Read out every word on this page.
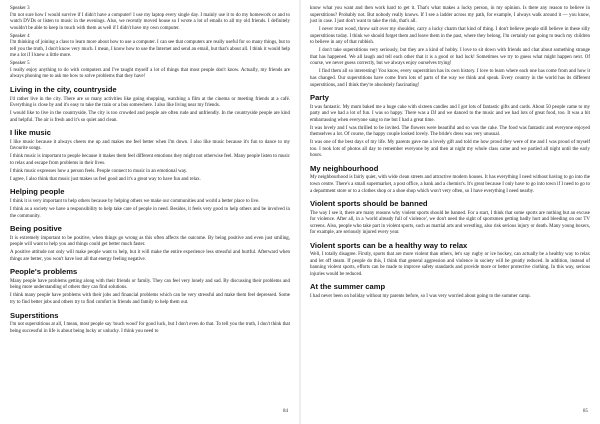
Speaker 3

I'm not sure how I would survive if I didn't have a computer! I use my laptop every single day. I mainly use it to do my homework or and to watch DVDs or listen to music in the evenings. Also, we recently moved house so I wrote a lot of emails to all my old friends. I definitely wouldn't be able to keep in touch with them as well if I didn't have my own computer.

Speaker 4

I'm thinking of joining a class to learn more about how to use a computer. I can see that computers are really useful for so many things, but to tell you the truth, I don't know very much. I mean, I know how to use the Internet and send an email, but that's about all. I think it would help me a lot if I knew a little more.

Speaker 5

I really enjoy anything to do with computers and I've taught myself a lot of things that most people don't know. Actually, my friends are always phoning me to ask me how to solve problems that they have!

Living in the city, countryside

I'd rather live in the city. There are so many activities like going shopping, watching a film at the cinema or meeting friends at a café. Everything is close by and it's easy to take the train or a bus somewhere. I also like living near my friends.

I would like to live in the countryside. The city is too crowded and people are often rude and unfriendly. In the countryside people are kind and helpful. The air is fresh and it's so quiet and clean.

I like music

I like music because it always cheers me up and makes me feel better when I'm down. I also like music because it's fun to dance to my favourite songs.

I think music is important to people because it makes them feel different emotions they might not otherwise feel. Many people listen to music to relax and escape from problems in their lives.

I think music expresses how a person feels. People connect to music in an emotional way.

I agree, I also think that music just makes us feel good and it's a great way to have fun and relax.

Helping people

I think it is very important to help others because by helping others we make our communities and world a better place to live.

I think as a society we have a responsibility to help take care of people in need. Besides, it feels very good to help others and be involved in the community.

Being positive

It is extremely important to be positive, when things go wrong as this often affects the outcome. By being positive and even just smiling, people will want to help you and things could get better much faster.

A positive attitude not only will make people want to help, but it will make the entire experience less stressful and hurtful. Afterward when things are better, you won't have lost all that energy feeling negative.

People's problems

Many people have problems getting along with their friends or family. They can feel very lonely and sad. By discussing their problems and being more understanding of others they can find solutions.

I think many people have problems with their jobs and financial problems which can be very stressful and make them feel depressed. Some try to find better jobs and others try to find comfort in friends and family to help them out.

Superstitions

I'm not superstitious at all, I mean, most people say 'touch wood' for good luck, but I don't even do that. To tell you the truth, I don't think that being successful in life is about being lucky or unlucky. I think you need to

84

know what you want and then work hard to get it. That's what makes a lucky person, in my opinion. Is there any reason to believe in superstitions? Probably not. But nobody really knows. If I see a ladder across my path, for example, I always walk around it — you know, just in case. I just don't want to take the risk, that's all.

I never trust wood, throw salt over my shoulder, carry a lucky charm that kind of thing. I don't believe people still believe in these silly superstitions today. I think we should forget them and leave them in the past, where they belong. I'm certainly not going to teach my children to believe in any of that rubbish.

I don't take superstitions very seriously, but they are a kind of hobby. I love to sit down with friends and chat about something strange that has happened. We all laugh and tell each other that it is a good or bad luck! Sometimes we try to guess what might happen next. Of course, we never guess correctly, but we always enjoy ourselves trying!

I find them all so interesting! You know, every superstition has its own history. I love to learn where each one has come from and how it has changed. Our superstitions have come from lots of parts of the way we think and speak. Every country in the world has its different superstitions, and I think they're absolutely fascinating!

Party

It was fantastic. My mum baked me a huge cake with sixteen candles and I got lots of fantastic gifts and cards. About 50 people came to my party and we had a lot of fun. I was so happy. There was a DJ and we danced to the music and we had lots of great food, too. It was a bit embarrassing when everyone sang to me but I had a great time.

It was lovely and I was thrilled to be invited. The flowers were beautiful and so was the cake. The food was fantastic and everyone enjoyed themselves a lot. Of course, the happy couple looked lovely. The bride's dress was very unusual.

It was one of the best days of my life. My parents gave me a lovely gift and told me how proud they were of me and I was proud of myself too. I took lots of photos all day to remember everyone by and then at night my whole class came and we partied all night until the early hours.

My neighbourhood

My neighbourhood is fairly quiet, with wide clean streets and attractive modern houses. It has everything I need without having to go into the town centre. There's a small supermarket, a post office, a bank and a chemist's. It's great because I only have to go into town if I need to go to a department store or to a clothes shop or a shoe shop which won't very often, so I have everything I need nearby.

Violent sports should be banned

The way I see it, there are many reasons why violent sports should be banned. For a start, I think that some sports are nothing but an excuse for violence. After all, in a 'world already full of violence', we don't need the sight of sportsmen getting badly hurt and bleeding on our TV screens. Also, people who take part in violent sports, such as martial arts and wrestling, also risk serious injury or death. Many young boxers, for example, are seriously injured every year.

Violent sports can be a healthy way to relax

Well, I totally disagree. Firstly, sports that are more violent than others, let's say rugby or ice hockey, can actually be a healthy way to relax and let off steam. If people do this, I think that general aggression and violence in society will be greatly reduced. In addition, instead of banning violent sports, efforts can be made to improve safety standards and provide more or better protective clothing. In this way, serious injuries would be reduced.

At the summer camp

I had never been on holiday without my parents before, so I was very worried about going to the summer camp.

85
